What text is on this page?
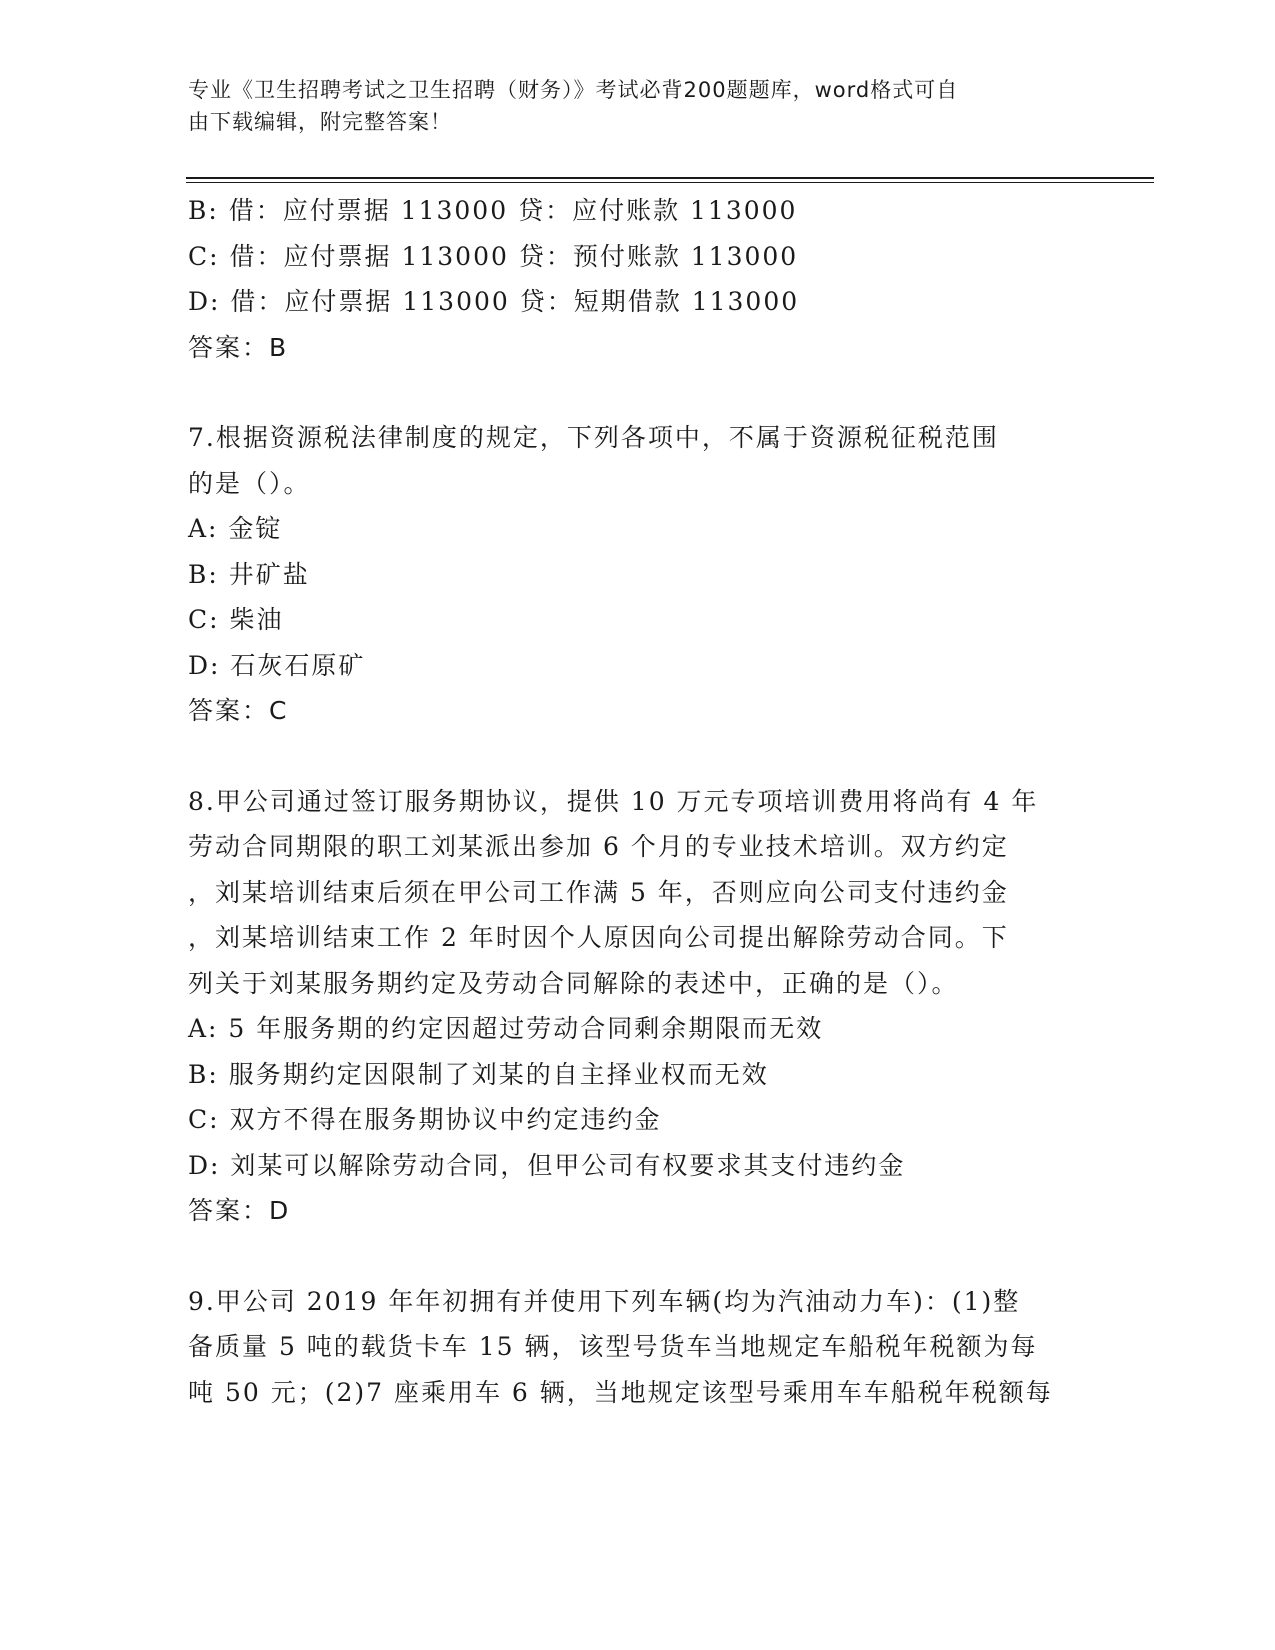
专业《卫生招聘考试之卫生招聘（财务）》考试必背200题题库，word格式可自
由下载编辑，附完整答案！
B: 借：应付票据 113000 贷：应付账款 113000
C: 借：应付票据 113000 贷：预付账款 113000
D: 借：应付票据 113000 贷：短期借款 113000
答案：B
7.根据资源税法律制度的规定，下列各项中，不属于资源税征税范围
的是（）。
A: 金锭
B: 井矿盐
C: 柴油
D: 石灰石原矿
答案：C
8.甲公司通过签订服务期协议，提供 10 万元专项培训费用将尚有 4 年
劳动合同期限的职工刘某派出参加 6 个月的专业技术培训。双方约定
，刘某培训结束后须在甲公司工作满 5 年，否则应向公司支付违约金
，刘某培训结束工作 2 年时因个人原因向公司提出解除劳动合同。下
列关于刘某服务期约定及劳动合同解除的表述中，正确的是（）。
A: 5 年服务期的约定因超过劳动合同剩余期限而无效
B: 服务期约定因限制了刘某的自主择业权而无效
C: 双方不得在服务期协议中约定违约金
D: 刘某可以解除劳动合同，但甲公司有权要求其支付违约金
答案：D
9.甲公司 2019 年年初拥有并使用下列车辆(均为汽油动力车)：(1)整
备质量 5 吨的载货卡车 15 辆，该型号货车当地规定车船税年税额为每
吨 50 元；(2)7 座乘用车 6 辆，当地规定该型号乘用车车船税年税额每
